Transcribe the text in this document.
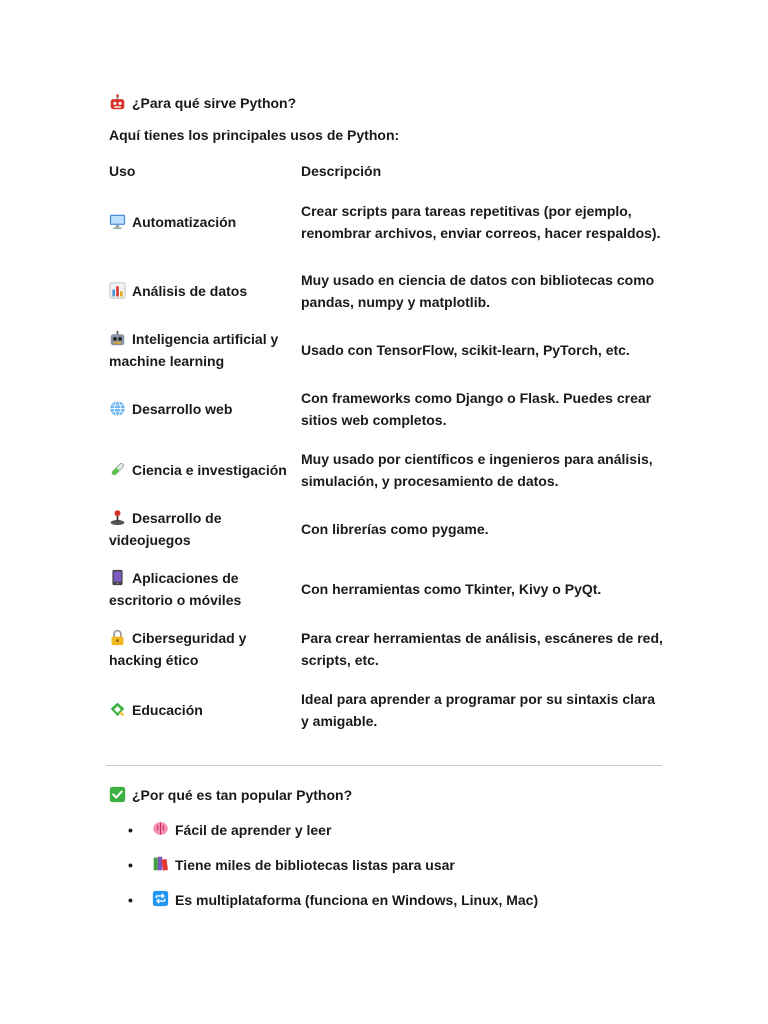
¿Para qué sirve Python?
Aquí tienes los principales usos de Python:
Uso	Descripción

Automatización	Crear scripts para tareas repetitivas (por ejemplo, renombrar archivos, enviar correos, hacer respaldos).

Análisis de datos	Muy usado en ciencia de datos con bibliotecas como pandas, numpy y matplotlib.

Inteligencia artificial y machine learning	Usado con TensorFlow, scikit-learn, PyTorch, etc.

Desarrollo web	Con frameworks como Django o Flask. Puedes crear sitios web completos.

Ciencia e investigación	Muy usado por científicos e ingenieros para análisis, simulación, y procesamiento de datos.

Desarrollo de videojuegos	Con librerías como pygame.

Aplicaciones de escritorio o móviles	Con herramientas como Tkinter, Kivy o PyQt.

Ciberseguridad y hacking ético	Para crear herramientas de análisis, escáneres de red, scripts, etc.

Educación	Ideal para aprender a programar por su sintaxis clara y amigable.
¿Por qué es tan popular Python?
•	Fácil de aprender y leer
•	Tiene miles de bibliotecas listas para usar
•	Es multiplataforma (funciona en Windows, Linux, Mac)
